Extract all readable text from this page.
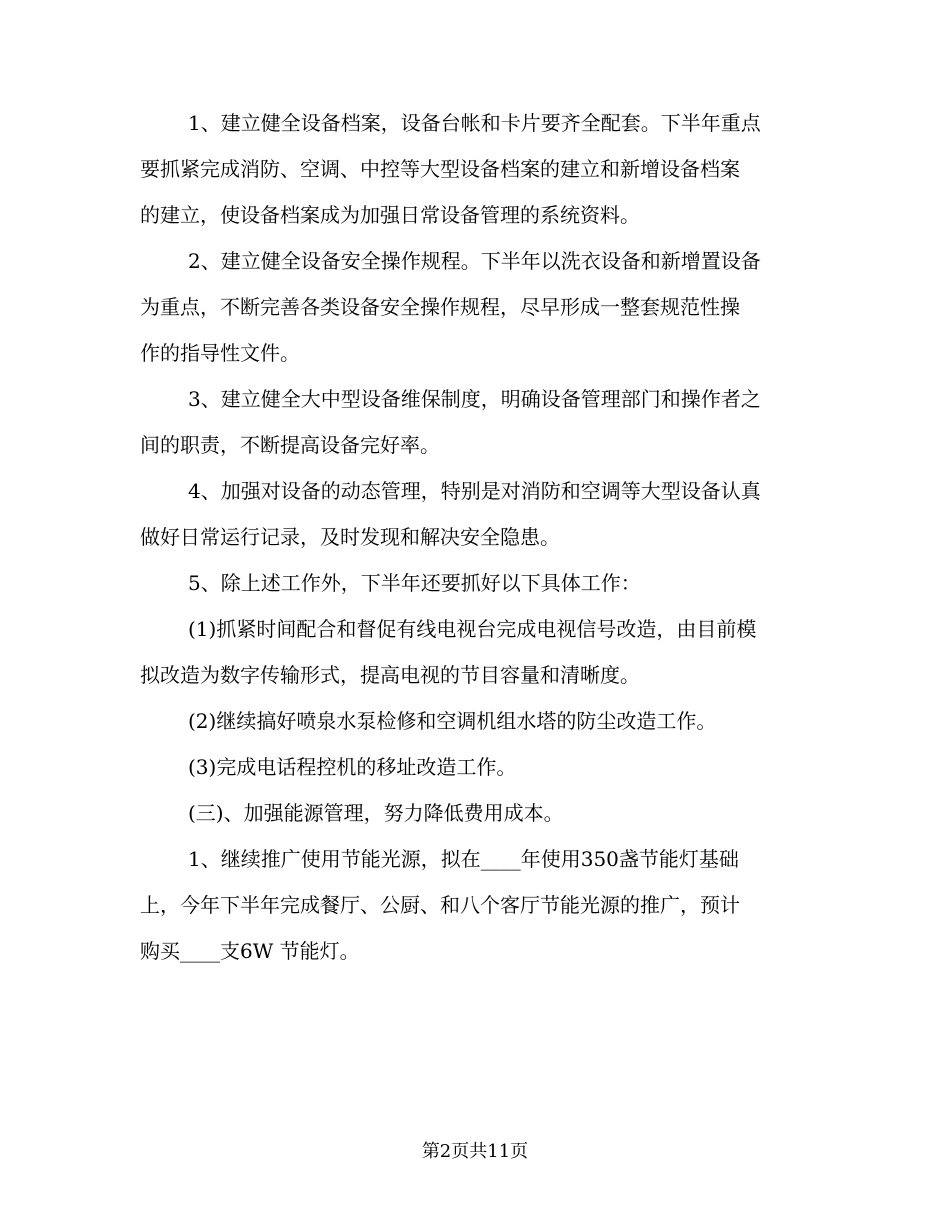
1、建立健全设备档案，设备台帐和卡片要齐全配套。下半年重点
要抓紧完成消防、空调、中控等大型设备档案的建立和新增设备档案
的建立，使设备档案成为加强日常设备管理的系统资料。
2、建立健全设备安全操作规程。下半年以洗衣设备和新增置设备
为重点，不断完善各类设备安全操作规程，尽早形成一整套规范性操
作的指导性文件。
3、建立健全大中型设备维保制度，明确设备管理部门和操作者之
间的职责，不断提高设备完好率。
4、加强对设备的动态管理，特别是对消防和空调等大型设备认真
做好日常运行记录，及时发现和解决安全隐患。
5、除上述工作外，下半年还要抓好以下具体工作：
(1)抓紧时间配合和督促有线电视台完成电视信号改造，由目前模
拟改造为数字传输形式，提高电视的节目容量和清晰度。
(2)继续搞好喷泉水泵检修和空调机组水塔的防尘改造工作。
(3)完成电话程控机的移址改造工作。
(三)、加强能源管理，努力降低费用成本。
1、继续推广使用节能光源，拟在____年使用350盏节能灯基础
上，今年下半年完成餐厅、公厨、和八个客厅节能光源的推广，预计
购买____支6W 节能灯。
第2页共11页
